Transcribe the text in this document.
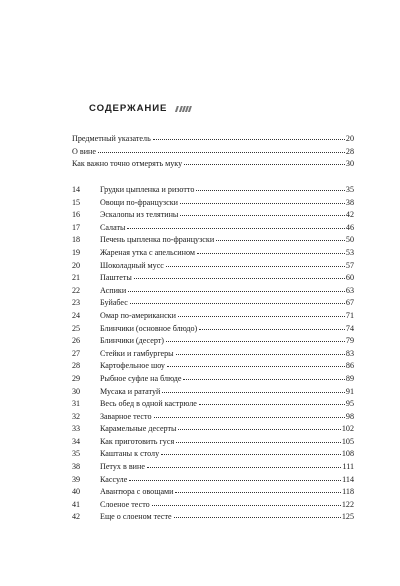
СОДЕРЖАНИЕ
Предметный указатель	20
О вине	28
Как важно точно отмерять муку	30
14	Грудки цыпленка и ризотто	35
15	Овощи по-французски	38
16	Эскалопы из телятины	42
17	Салаты	46
18	Печень цыпленка по-французски	50
19	Жареная утка с апельсином	53
20	Шоколадный мусс	57
21	Паштеты	60
22	Аспики	63
23	Буйабес	67
24	Омар по-американски	71
25	Блинчики (основное блюдо)	74
26	Блинчики (десерт)	79
27	Стейки и гамбургеры	83
28	Картофельное шоу	86
29	Рыбное суфле на блюде	89
30	Мусака и рататуй	91
31	Весь обед в одной кастрюле	95
32	Заварное тесто	98
33	Карамельные десерты	102
34	Как приготовить гуся	105
35	Каштаны к столу	108
38	Петух в вине	111
39	Кассуле	114
40	Авантюра с овощами	118
41	Слоеное тесто	122
42	Еще о слоеном тесте	125
